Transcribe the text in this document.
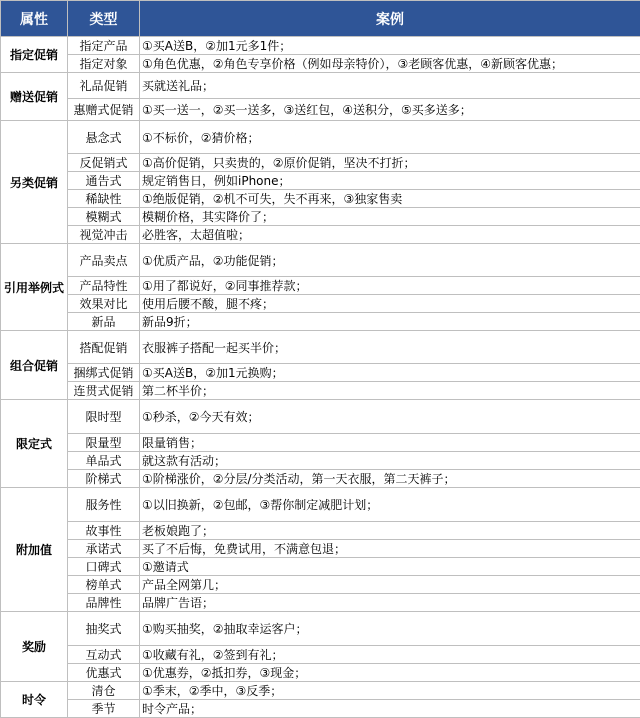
属性	类型	案例
指定促销	指定产品	①买A送B，②加1元多1件；
	指定对象	①角色优惠，②角色专享价格（例如母亲特价），③老顾客优惠，④新顾客优惠；
赠送促销	礼品促销	买就送礼品；
	惠赠式促销	①买一送一，②买一送多，③送红包，④送积分，⑤买多送多；
另类促销	悬念式	①不标价，②猜价格；
	反促销式	①高价促销，只卖贵的，②原价促销，坚决不打折；
	通告式	规定销售日，例如iPhone；
	稀缺性	①绝版促销，②机不可失，失不再来，③独家售卖
	模糊式	模糊价格，其实降价了；
	视觉冲击	必胜客，太超值啦；
引用举例式	产品卖点	①优质产品，②功能促销；
	产品特性	①用了都说好，②同事推荐款；
	效果对比	使用后腰不酸，腿不疼；
	新品	新品9折；
组合促销	搭配促销	衣服裤子搭配一起买半价；
	捆绑式促销	①买A送B，②加1元换购；
	连贯式促销	第二杯半价；
限定式	限时型	①秒杀，②今天有效；
	限量型	限量销售；
	单品式	就这款有活动；
	阶梯式	①阶梯涨价，②分层/分类活动，第一天衣服，第二天裤子；
附加值	服务性	①以旧换新，②包邮，③帮你制定减肥计划；
	故事性	老板娘跑了；
	承诺式	买了不后悔，免费试用，不满意包退；
	口碑式	①邀请式
	榜单式	产品全网第几；
	品牌性	品牌广告语；
奖励	抽奖式	①购买抽奖，②抽取幸运客户；
	互动式	①收藏有礼，②签到有礼；
	优惠式	①优惠券，②抵扣券，③现金；
时令	清仓	①季末，②季中，③反季；
	季节	时令产品；
